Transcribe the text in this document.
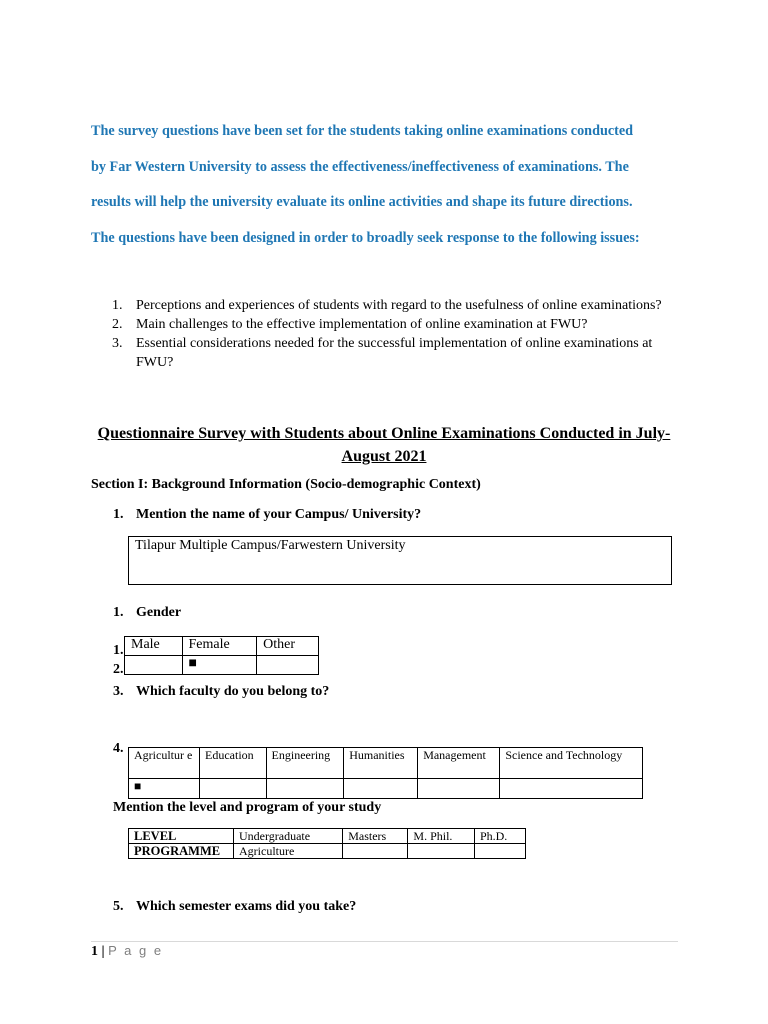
The survey questions have been set for the students taking online examinations conducted
by Far Western University to assess the effectiveness/ineffectiveness of examinations. The
results will help the university evaluate its online activities and shape its future directions.
The questions have been designed in order to broadly seek response to the following issues:
1. Perceptions and experiences of students with regard to the usefulness of online examinations?
2. Main challenges to the effective implementation of online examination at FWU?
3. Essential considerations needed for the successful implementation of online examinations at FWU?
Questionnaire Survey with Students about Online Examinations Conducted in July-August 2021
Section I: Background Information (Socio-demographic Context)
1. Mention the name of your Campus/ University?
Tilapur Multiple Campus/Farwestern University
1. Gender
1.
2.
Male	Female	Other
	■	
3. Which faculty do you belong to?
4. Agricultur e	Education	Engineering	Humanities	Management	Science and Technology
■					
Mention the level and program of your study
LEVEL	Undergraduate	Masters	M. Phil.	Ph.D.
PROGRAMME	Agriculture			
5. Which semester exams did you take?
1 | P a g e
